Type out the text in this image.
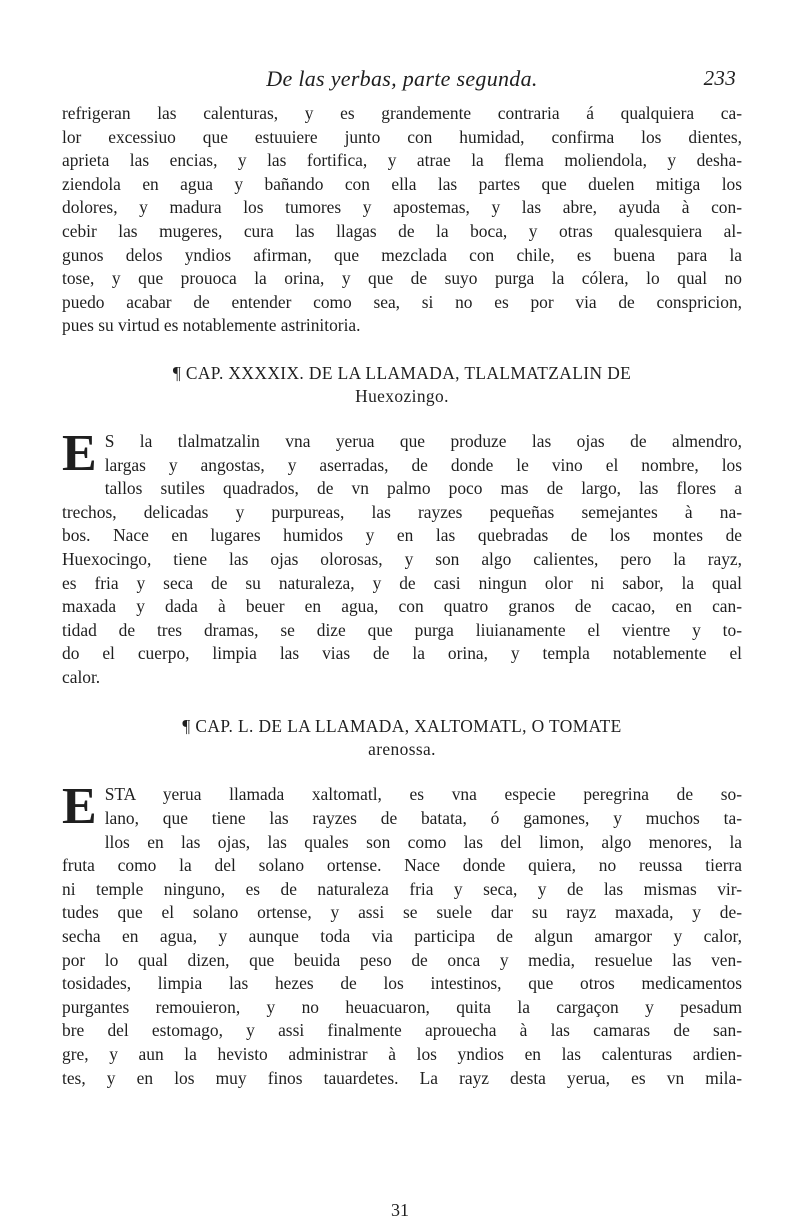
De las yerbas, parte segunda.	233
refrigeran las calenturas, y es grandemente contraria á qualquiera ca-
lor excessiuo que estuuiere junto con humidad, confirma los dientes,
aprieta las encias, y las fortifica, y atrae la flema moliendola, y desha-
ziendola en agua y bañando con ella las partes que duelen mitiga los
dolores, y madura los tumores y apostemas, y las abre, ayuda à con-
cebir las mugeres, cura las llagas de la boca, y otras qualesquiera al-
gunos delos yndios afirman, que mezclada con chile, es buena para la
tose, y que prouoca la orina, y que de suyo purga la cólera, lo qual no
puedo acabar de entender como sea, si no es por via de conspricion,
pues su virtud es notablemente astrinitoria.
¶ CAP. XXXXIX. DE LA LLAMADA, TLALMATZALIN DE
Huexozingo.
E S la tlalmatzalin vna yerua que produze las ojas de almendro,
largas y angostas, y aserradas, de donde le vino el nombre, los
tallos sutiles quadrados, de vn palmo poco mas de largo, las flores a
trechos, delicadas y purpureas, las rayzes pequeñas semejantes à na-
bos. Nace en lugares humidos y en las quebradas de los montes de
Huexocingo, tiene las ojas olorosas, y son algo calientes, pero la rayz,
es fria y seca de su naturaleza, y de casi ningun olor ni sabor, la qual
maxada y dada à beuer en agua, con quatro granos de cacao, en can-
tidad de tres dramas, se dize que purga liuianamente el vientre y to-
do el cuerpo, limpia las vias de la orina, y templa notablemente el
calor.
¶ CAP. L. DE LA LLAMADA, XALTOMATL, O TOMATE
arenossa.
E STA yerua llamada xaltomatl, es vna especie peregrina de so-
lano, que tiene las rayzes de batata, ó gamones, y muchos ta-
llos en las ojas, las quales son como las del limon, algo menores, la
fruta como la del solano ortense. Nace donde quiera, no reussa tierra
ni temple ninguno, es de naturaleza fria y seca, y de las mismas vir-
tudes que el solano ortense, y assi se suele dar su rayz maxada, y de-
secha en agua, y aunque toda via participa de algun amargor y calor,
por lo qual dizen, que beuida peso de onca y media, resuelue las ven-
tosidades, limpia las hezes de los intestinos, que otros medicamentos
purgantes remouieron, y no heuacuaron, quita la cargaçon y pesadum
bre del estomago, y assi finalmente aprouecha à las camaras de san-
gre, y aun la hevisto administrar à los yndios en las calenturas ardien-
tes, y en los muy finos tauardetes. La rayz desta yerua, es vn mila-
31
